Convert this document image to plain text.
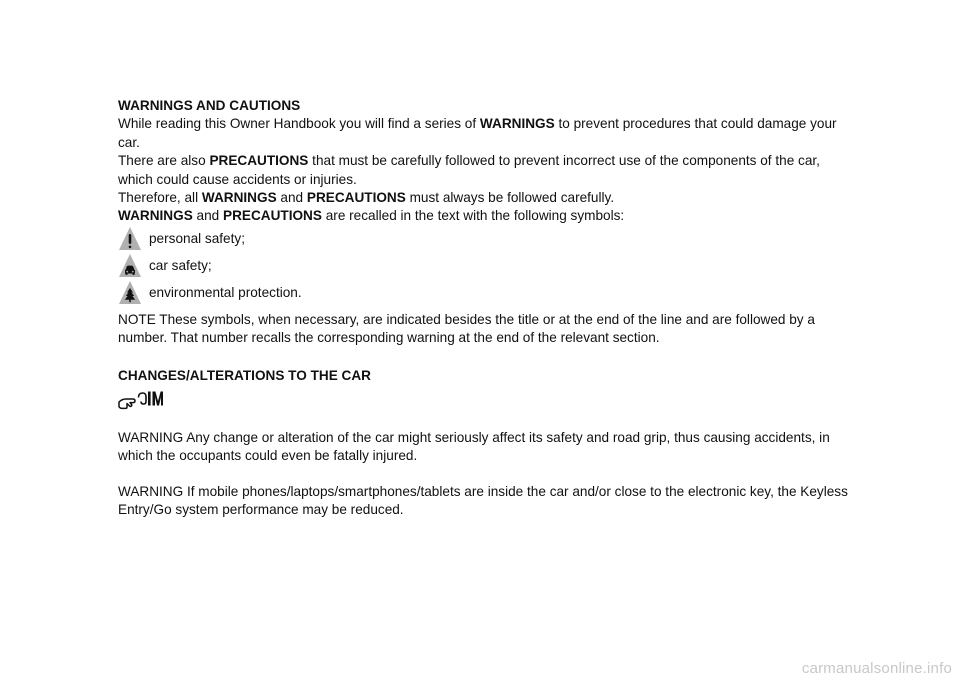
WARNINGS AND CAUTIONS

While reading this Owner Handbook you will find a series of WARNINGS to prevent procedures that could damage your car.

There are also PRECAUTIONS that must be carefully followed to prevent incorrect use of the components of the car, which could cause accidents or injuries.

Therefore, all WARNINGS and PRECAUTIONS must always be followed carefully.

WARNINGS and PRECAUTIONS are recalled in the text with the following symbols:

personal safety;
car safety;
environmental protection.

NOTE These symbols, when necessary, are indicated besides the title or at the end of the line and are followed by a number. That number recalls the corresponding warning at the end of the relevant section.

CHANGES/ALTERATIONS TO THE CAR

WARNING Any change or alteration of the car might seriously affect its safety and road grip, thus causing accidents, in which the occupants could even be fatally injured.

WARNING If mobile phones/laptops/smartphones/tablets are inside the car and/or close to the electronic key, the Keyless Entry/Go system performance may be reduced.

carmanualsonline.info
